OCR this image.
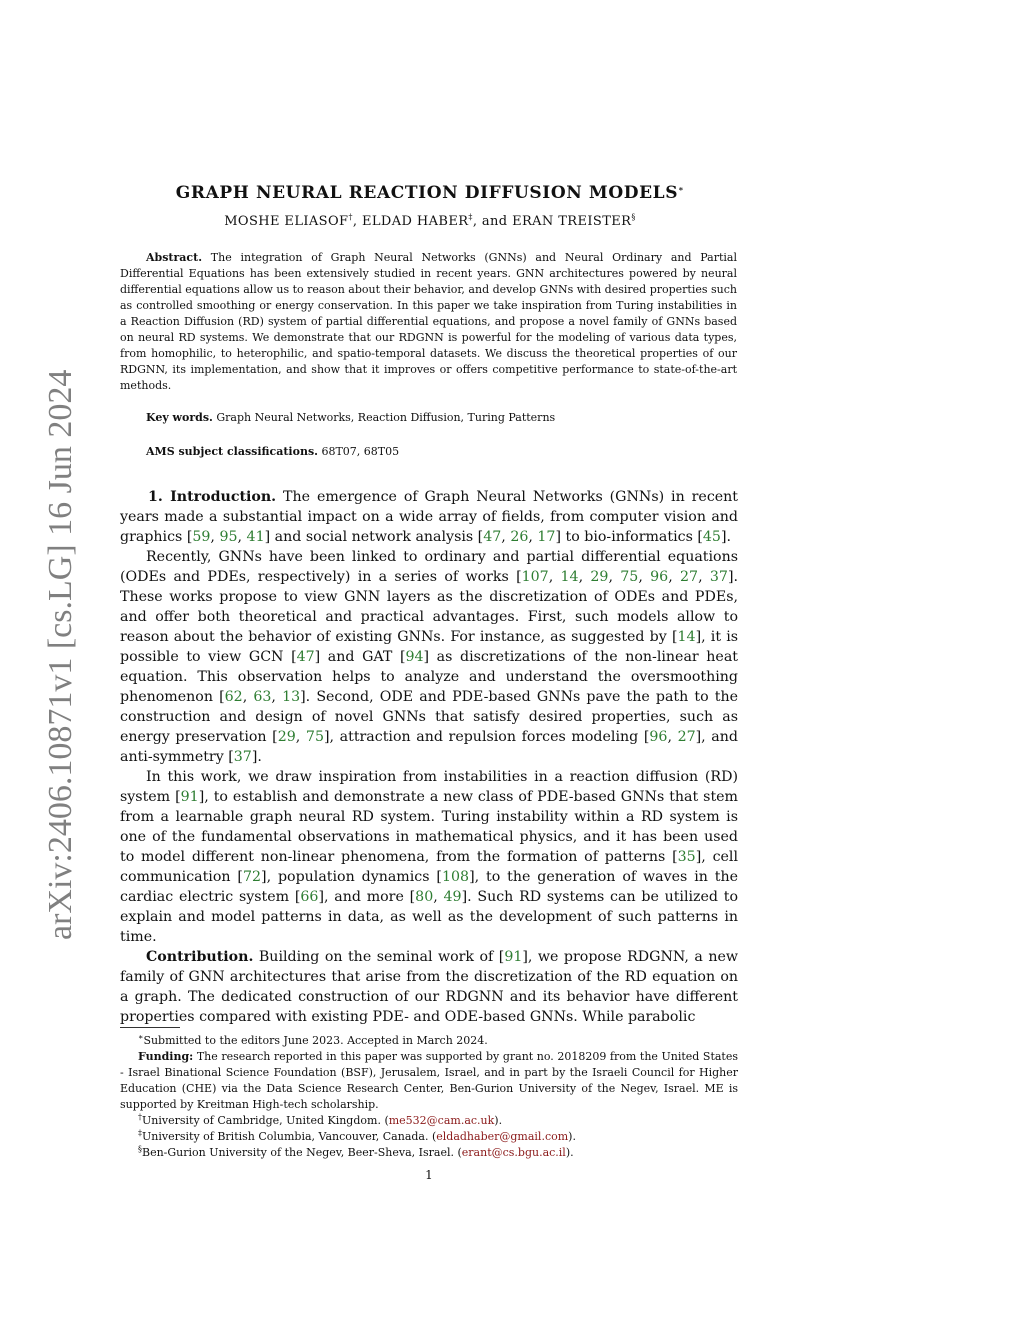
arXiv:2406.10871v1 [cs.LG] 16 Jun 2024
GRAPH NEURAL REACTION DIFFUSION MODELS∗
MOSHE ELIASOF†, ELDAD HABER‡, and ERAN TREISTER§

Abstract. The integration of Graph Neural Networks (GNNs) and Neural Ordinary and Partial Differential Equations has been extensively studied in recent years. GNN architectures powered by neural differential equations allow us to reason about their behavior, and develop GNNs with desired properties such as controlled smoothing or energy conservation. In this paper we take inspiration from Turing instabilities in a Reaction Diffusion (RD) system of partial differential equations, and propose a novel family of GNNs based on neural RD systems. We demonstrate that our RDGNN is powerful for the modeling of various data types, from homophilic, to heterophilic, and spatio-temporal datasets. We discuss the theoretical properties of our RDGNN, its implementation, and show that it improves or offers competitive performance to state-of-the-art methods.

Key words. Graph Neural Networks, Reaction Diffusion, Turing Patterns

AMS subject classifications. 68T07, 68T05

1. Introduction. The emergence of Graph Neural Networks (GNNs) in recent years made a substantial impact on a wide array of fields, from computer vision and graphics [59, 95, 41] and social network analysis [47, 26, 17] to bio-informatics [45].

Recently, GNNs have been linked to ordinary and partial differential equations (ODEs and PDEs, respectively) in a series of works [107, 14, 29, 75, 96, 27, 37]. These works propose to view GNN layers as the discretization of ODEs and PDEs, and offer both theoretical and practical advantages. First, such models allow to reason about the behavior of existing GNNs. For instance, as suggested by [14], it is possible to view GCN [47] and GAT [94] as discretizations of the non-linear heat equation. This observation helps to analyze and understand the oversmoothing phenomenon [62, 63, 13]. Second, ODE and PDE-based GNNs pave the path to the construction and design of novel GNNs that satisfy desired properties, such as energy preservation [29, 75], attraction and repulsion forces modeling [96, 27], and anti-symmetry [37].

In this work, we draw inspiration from instabilities in a reaction diffusion (RD) system [91], to establish and demonstrate a new class of PDE-based GNNs that stem from a learnable graph neural RD system. Turing instability within a RD system is one of the fundamental observations in mathematical physics, and it has been used to model different non-linear phenomena, from the formation of patterns [35], cell communication [72], population dynamics [108], to the generation of waves in the cardiac electric system [66], and more [80, 49]. Such RD systems can be utilized to explain and model patterns in data, as well as the development of such patterns in time.

Contribution. Building on the seminal work of [91], we propose RDGNN, a new family of GNN architectures that arise from the discretization of the RD equation on a graph. The dedicated construction of our RDGNN and its behavior have different properties compared with existing PDE- and ODE-based GNNs. While parabolic

∗Submitted to the editors June 2023. Accepted in March 2024.

Funding: The research reported in this paper was supported by grant no. 2018209 from the United States - Israel Binational Science Foundation (BSF), Jerusalem, Israel, and in part by the Israeli Council for Higher Education (CHE) via the Data Science Research Center, Ben-Gurion University of the Negev, Israel. ME is supported by Kreitman High-tech scholarship.

†University of Cambridge, United Kingdom. (me532@cam.ac.uk).

‡University of British Columbia, Vancouver, Canada. (eldadhaber@gmail.com).

§Ben-Gurion University of the Negev, Beer-Sheva, Israel. (erant@cs.bgu.ac.il).

1
